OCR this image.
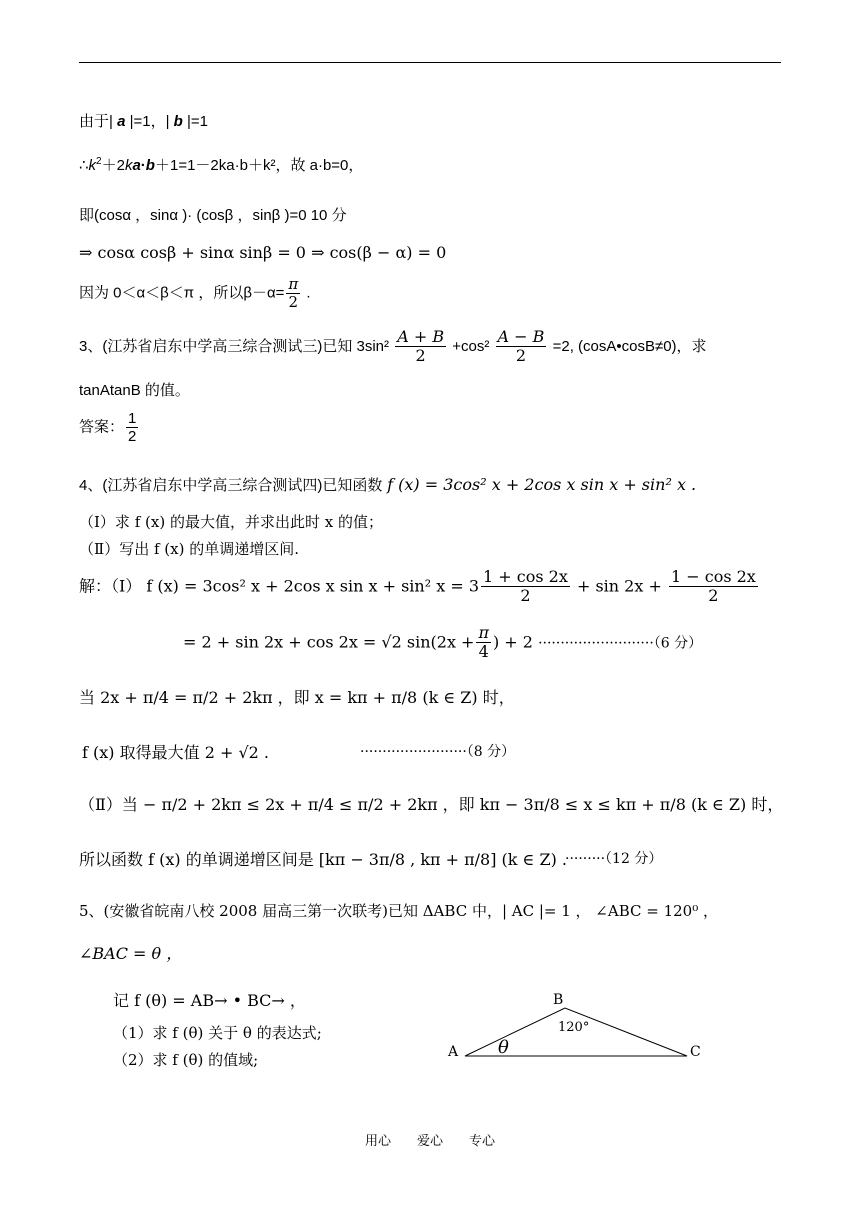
由于| a |=1，| b |=1
$\therefore k^2+2ka\cdot b+1=1-2ka\cdot b+k^2$，故 a·b=0，
即(cosα ，sinα )· (cosβ ，sinβ )=0 10 分
⇒ cosα cosβ + sinα sinβ = 0 ⇒ cos(β − α) = 0
因为 0＜α＜β＜π ，所以$\beta-\alpha= \frac{\pi}{2}$ .
3、(江苏省启东中学高三综合测试三)已知 $3\sin^2 \frac{A + B}{2} +\cos^2 \frac{A - B}{2} =2$, (cosA•cosB≠0)，求
tanAtanB 的值。
答案： $\frac{1}{2}$
4、(江苏省启东中学高三综合测试四)已知函数 f (x) = 3cos² x + 2cos x sin x + sin² x .
（Ⅰ）求 f (x) 的最大值，并求出此时 x 的值；
（Ⅱ）写出 f (x) 的单调递增区间.
解：（Ⅰ） f (x) = 3cos² x + 2cos x sin x + sin² $x = 3 \frac{1 + \cos 2x}{2} + \sin 2x + \frac{1 - \cos 2x}{2}$
= 2 + sin 2x + cos 2x = √2 $\sin(2x + \frac{\pi}{4}$ ) + 2 ··························（6 分）
当 2x + π/4 = π/2 + 2kπ ，即 x = kπ + π/8 (k ∈ Z) 时，
f (x) 取得最大值 2 + √2 .	························（8 分）
（Ⅱ）当 − π/2 + 2kπ ≤ 2x + π/4 ≤ π/2 + 2kπ ，即 kπ − 3π/8 ≤ x ≤ kπ + π/8 (k ∈ Z) 时，
所以函数 f (x) 的单调递增区间是 [kπ − 3π/8 , kπ + π/8] (k ∈ Z) .
·········（12 分）
5、(安徽省皖南八校 2008 届高三第一次联考)已知 ΔABC 中，| AC |= 1 ， ∠ABC = 120⁰ ，
∠BAC = θ ，
记 f (θ) = AB→ • BC→ ，
（1）求 f (θ) 关于 θ 的表达式;
（2）求 f (θ) 的值域;
B
A	C
120°
θ
用心 爱心 专心
